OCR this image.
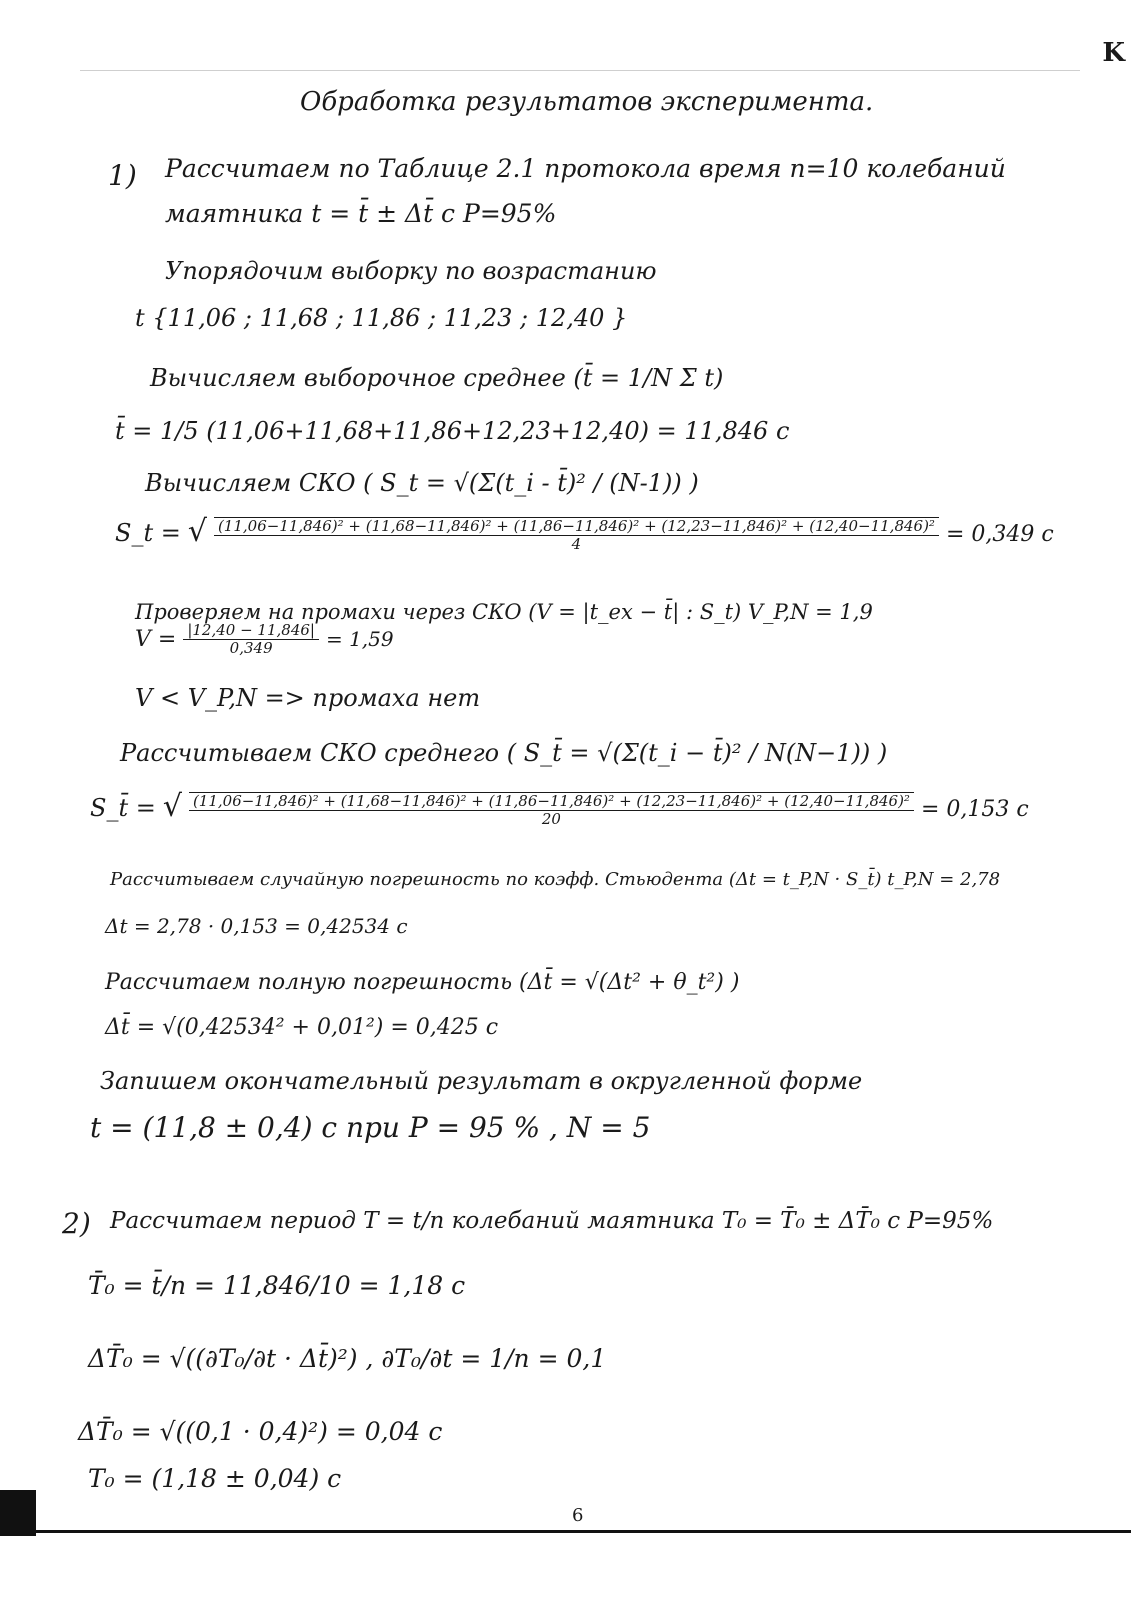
K
Обработка результатов эксперимента.
1) Рассчитаем по Таблице 2.1 протокола время n=10 колебаний
маятника t = t̄ ± Δt̄ с P=95%
Упорядочим выборку по возрастанию
t {11,06 ; 11,68 ; 11,86 ; 11,23 ; 12,40 }
Вычисляем выборочное среднее (t̄ = 1/N Σ t)
t̄ = 1/5 (11,06+11,68+11,86+12,23+12,40) = 11,846 с
Вычисляем СКО ( S_t = √(Σ(t_i - t̄)² / (N-1)) )
S_t = √ (11,06−11,846)² + (11,68−11,846)² + (11,86−11,846)² + (12,23−11,846)² + (12,40−11,846)²
4	= 0,349 с
Проверяем на промахи через СКО (V = |t_ex − t̄| : S_t) V_P,N = 1,9
$V = \frac{|12,40 - 11,846|}{0,349} = 1,59$
V < V_P,N => промаха нет
Рассчитываем СКО среднего ( S_t̄ = √(Σ(t_i − t̄)² / N(N−1)) )
S_t̄ = √ (11,06−11,846)² + (11,68−11,846)² + (11,86−11,846)² + (12,23−11,846)² + (12,40−11,846)²
20	= 0,153 с
Рассчитываем случайную погрешность по коэфф. Стьюдента (Δt = t_P,N · S_t̄) t_P,N = 2,78
Δt = 2,78 · 0,153 = 0,42534 с
Рассчитаем полную погрешность (Δt̄ = √(Δt² + θ_t²) )
Δt̄ = √(0,42534² + 0,01²) = 0,425 с
Запишем окончательный результат в округленной форме
t = (11,8 ± 0,4) с при P = 95 % , N = 5
2) Рассчитаем период T = t/n колебаний маятника T₀ = T̄₀ ± ΔT̄₀ с P=95%
T̄₀ = t̄/n = 11,846/10 = 1,18 с
ΔT̄₀ = √((∂T₀/∂t · Δt̄)²) , ∂T₀/∂t = 1/n = 0,1
ΔT̄₀ = √((0,1 · 0,4)²) = 0,04 с
T₀ = (1,18 ± 0,04) с
6
